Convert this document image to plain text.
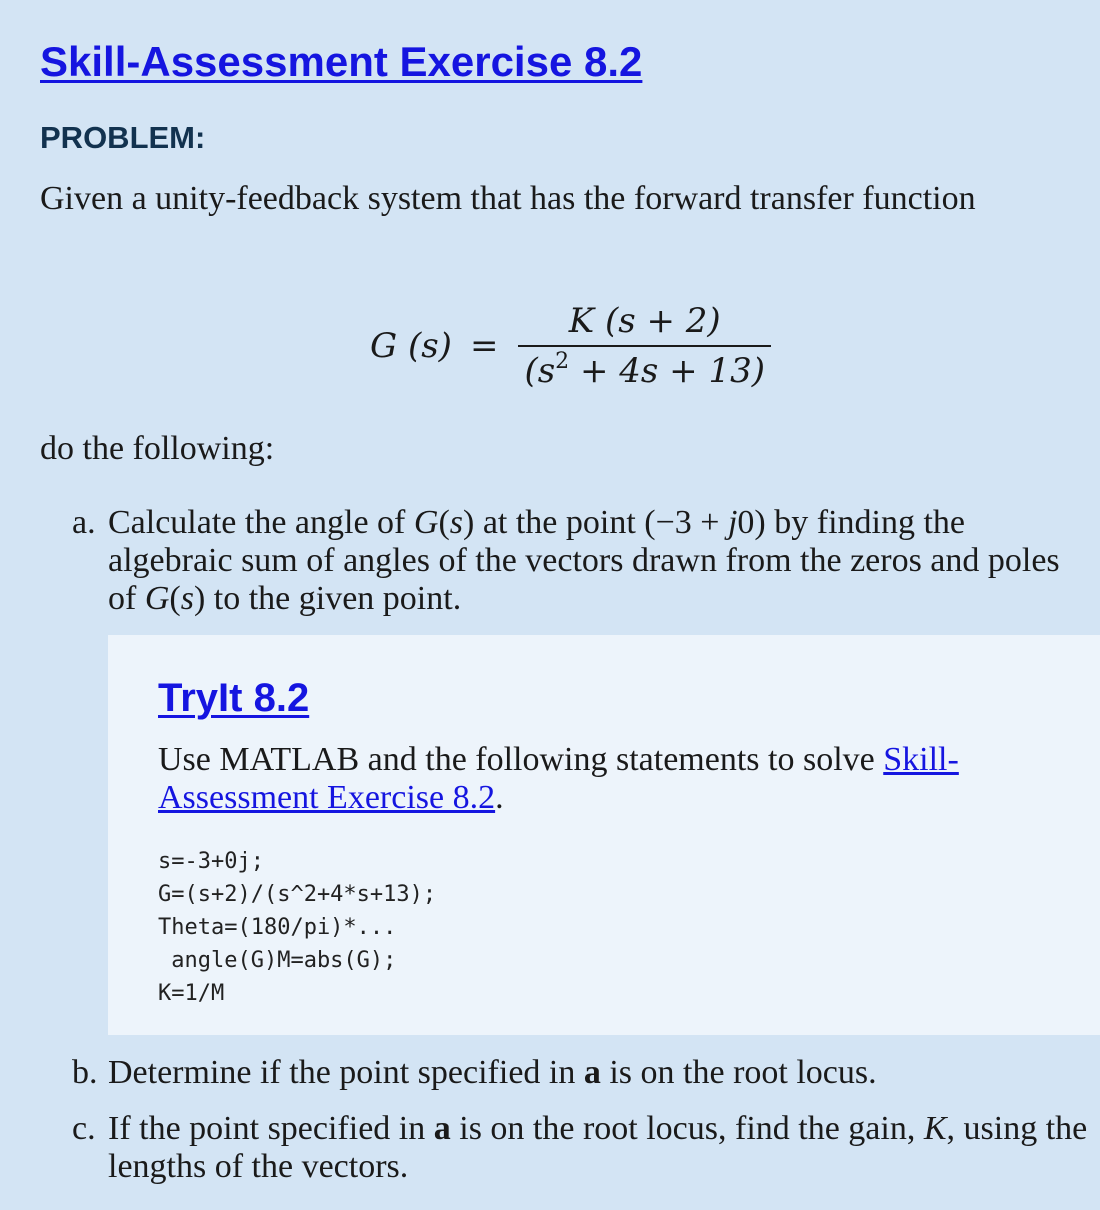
Skill-Assessment Exercise 8.2
PROBLEM:

Given a unity-feedback system that has the forward transfer function

G $(s) = \frac{K (s + 2)}{(s^2 + 4s + 13)}$

do the following:

a. Calculate the angle of G(s) at the point (−3 + j0) by finding the algebraic sum of angles of the vectors drawn from the zeros and poles of G(s) to the given point.

TryIt 8.2

Use MATLAB and the following statements to solve Skill-Assessment Exercise 8.2.

s=-3+0j;
G=(s+2)/(s^2+4*s+13);
Theta=(180/pi)*...
angle(G)M=abs(G);
K=1/M

b. Determine if the point specified in a is on the root locus.

c. If the point specified in a is on the root locus, find the gain, K, using the lengths of the vectors.
